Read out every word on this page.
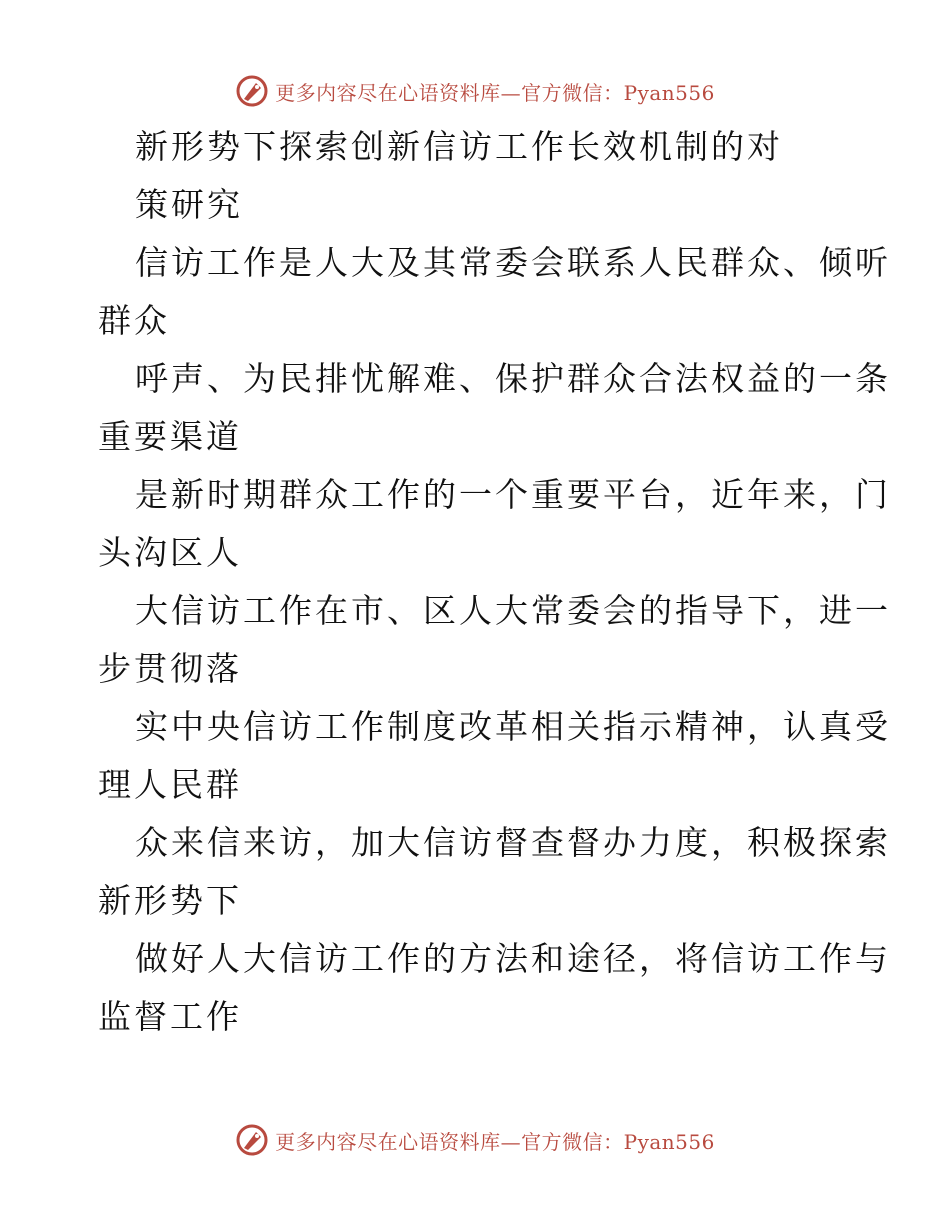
更多内容尽在心语资料库—官方微信：Pyan556
新形势下探索创新信访工作长效机制的对
策研究
信访工作是人大及其常委会联系人民群众、倾听
群众
呼声、为民排忧解难、保护群众合法权益的一条
重要渠道
是新时期群众工作的一个重要平台，近年来，门
头沟区人
大信访工作在市、区人大常委会的指导下，进一
步贯彻落
实中央信访工作制度改革相关指示精神，认真受
理人民群
众来信来访，加大信访督查督办力度，积极探索
新形势下
做好人大信访工作的方法和途径，将信访工作与
监督工作
更多内容尽在心语资料库—官方微信：Pyan556
